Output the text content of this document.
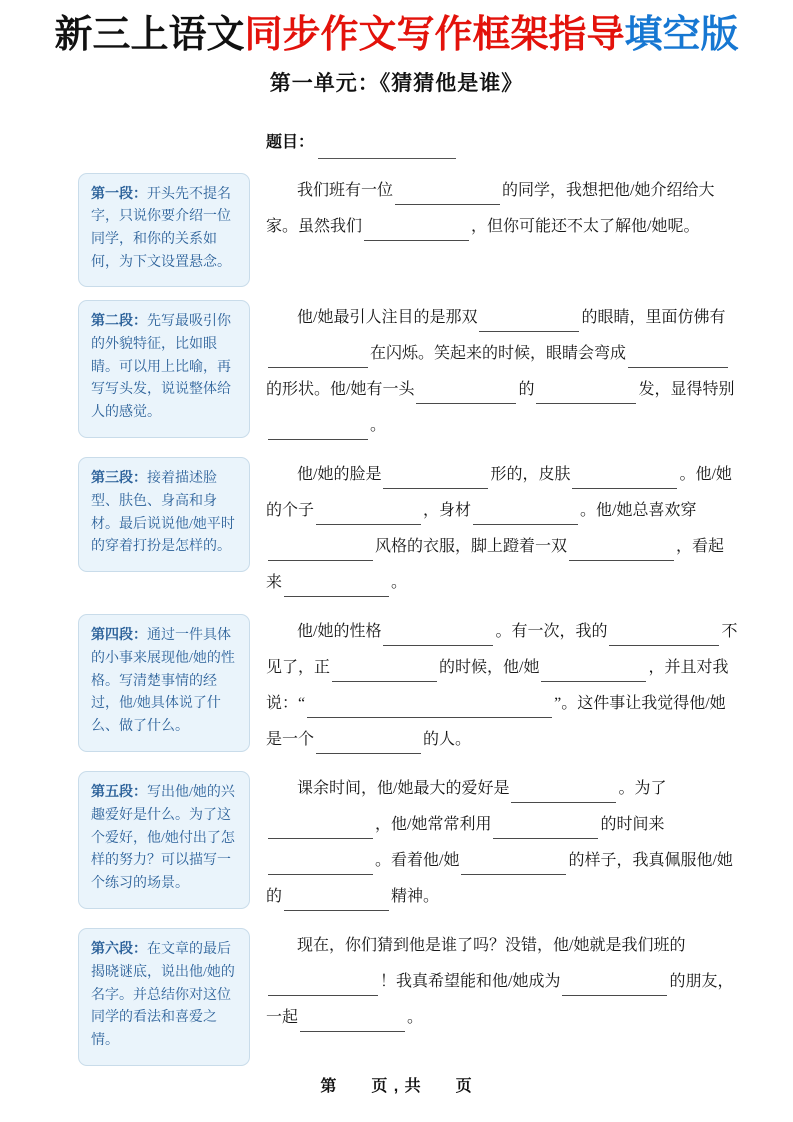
新三上语文同步作文写作框架指导填空版
第一单元：《猜猜他是谁》
题目：
第一段：开头先不提名字，只说你要介绍一位同学，和你的关系如何，为下文设置悬念。
我们班有一位	的同学，我想把他/她介绍给大家。虽然我们	，但你可能还不太了解他/她呢。
第二段：先写最吸引你的外貌特征，比如眼睛。可以用上比喻，再写写头发，说说整体给人的感觉。
他/她最引人注目的是那双	的眼睛，里面仿佛有在闪烁。笑起来的时候，眼睛会弯成的形状。他/她有一头	的	发，显得特别。
第三段：接着描述脸型、肤色、身高和身材。最后说说他/她平时的穿着打扮是怎样的。
他/她的脸是	形的，皮肤	。他/她的个子	，身材	。他/她总喜欢穿风格的衣服，脚上蹬着一双	，看起来	。
第四段：通过一件具体的小事来展现他/她的性格。写清楚事情的经过，他/她具体说了什么、做了什么。
他/她的性格	。有一次，我的	不见了，正	的时候，他/她	，并且对我说：“	”。这件事让我觉得他/她是一个	的人。
第五段：写出他/她的兴趣爱好是什么。为了这个爱好，他/她付出了怎样的努力？可以描写一个练习的场景。
课余时间，他/她最大的爱好是	。为了，他/她常常利用	的时间来。看着他/她	的样子，我真佩服他/她的	精神。
第六段：在文章的最后揭晓谜底，说出他/她的名字。并总结你对这位同学的看法和喜爱之情。
现在，你们猜到他是谁了吗？没错，他/她就是我们班的！我真希望能和他/她成为	的朋友，一起	。
第　　页 , 共　　页
